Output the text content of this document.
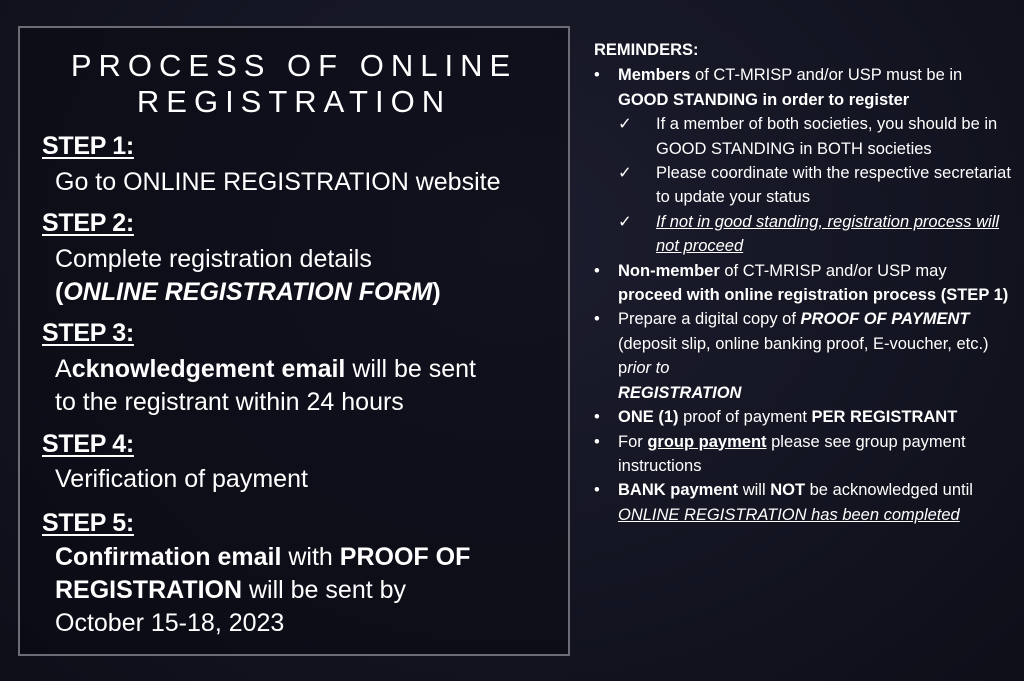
PROCESS OF ONLINE
REGISTRATION
STEP 1:
Go to ONLINE REGISTRATION website
STEP 2:
Complete registration details
(ONLINE REGISTRATION FORM)
STEP 3:
Acknowledgement email will be sent
to the registrant within 24 hours
STEP 4:
Verification of payment
STEP 5:
Confirmation email with PROOF OF
REGISTRATION will be sent by
October 15-18, 2023
REMINDERS:
•	Members of CT-MRISP and/or USP must be in GOOD STANDING in order to register
✓ If a member of both societies, you should be in GOOD STANDING in BOTH societies
✓ Please coordinate with the respective secretariat to update your status
✓ If not in good standing, registration process will not proceed
•	Non-member of CT-MRISP and/or USP may proceed with online registration process (STEP 1)
•	Prepare a digital copy of PROOF OF PAYMENT (deposit slip, online banking proof, E-voucher, etc.) prior to
REGISTRATION
•	ONE (1) proof of payment PER REGISTRANT
•	For group payment please see group payment instructions
•	BANK payment will NOT be acknowledged until ONLINE REGISTRATION has been completed
